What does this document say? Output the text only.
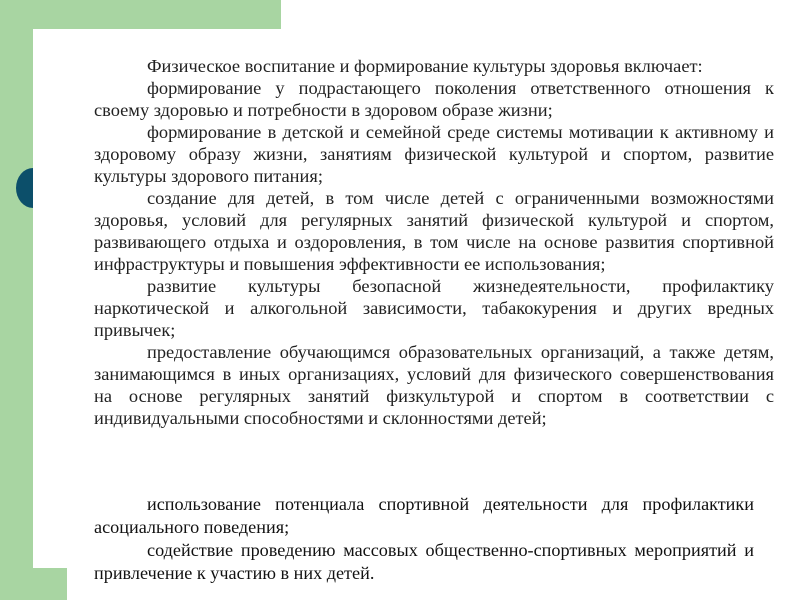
Физическое воспитание и формирование культуры здоровья включает:

формирование у подрастающего поколения ответственного отношения к своему здоровью и потребности в здоровом образе жизни;

формирование в детской и семейной среде системы мотивации к активному и здоровому образу жизни, занятиям физической культурой и спортом, развитие культуры здорового питания;

создание для детей, в том числе детей с ограниченными возможностями здоровья, условий для регулярных занятий физической культурой и спортом, развивающего отдыха и оздоровления, в том числе на основе развития спортивной инфраструктуры и повышения эффективности ее использования;

развитие культуры безопасной жизнедеятельности, профилактику наркотической и алкогольной зависимости, табакокурения и других вредных привычек;

предоставление обучающимся образовательных организаций, а также детям, занимающимся в иных организациях, условий для физического совершенствования на основе регулярных занятий физкультурой и спортом в соответствии с индивидуальными способностями и склонностями детей;

использование потенциала спортивной деятельности для профилактики асоциального поведения;

содействие проведению массовых общественно-спортивных мероприятий и привлечение к участию в них детей.
